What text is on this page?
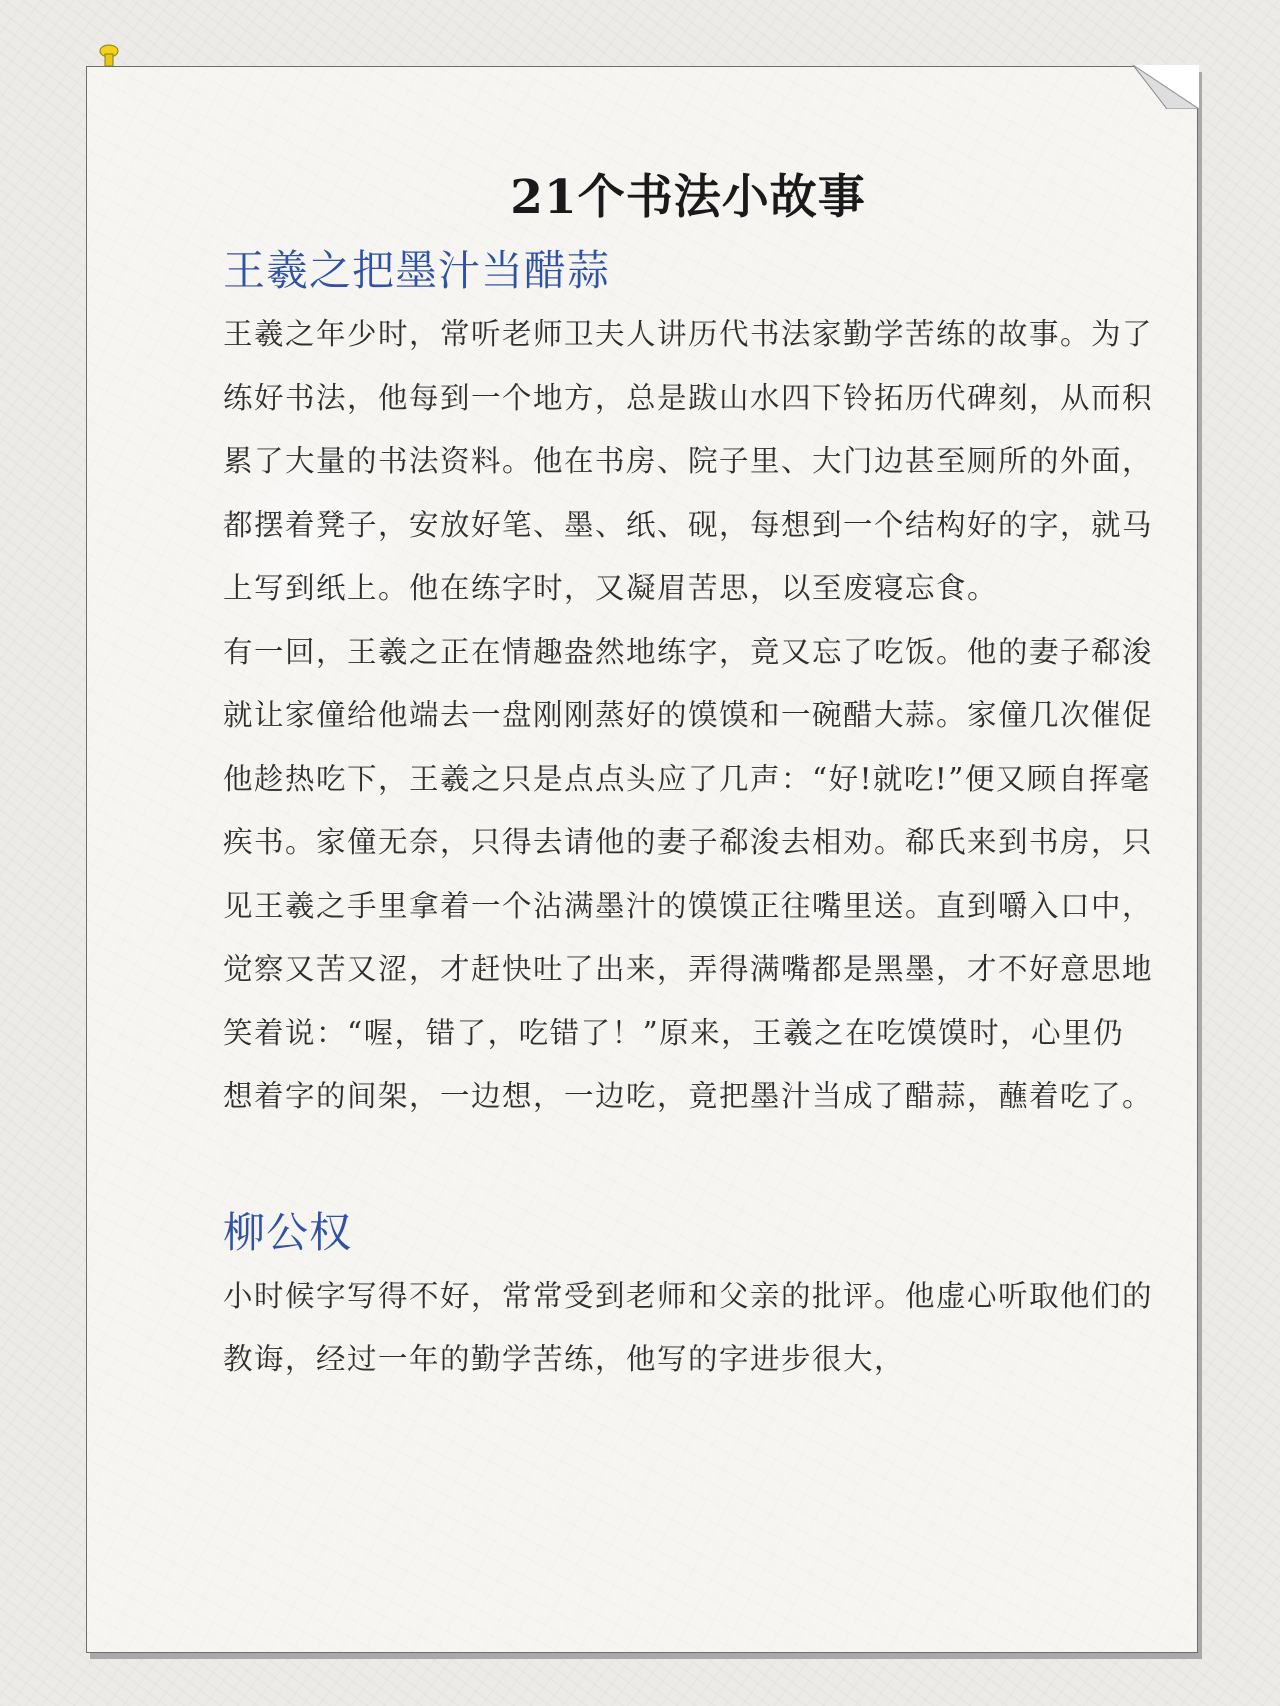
21个书法小故事
王羲之把墨汁当醋蒜

王羲之年少时，常听老师卫夫人讲历代书法家勤学苦练的故事。为了练好书法，他每到一个地方，总是跋山水四下铃拓历代碑刻，从而积累了大量的书法资料。他在书房、院子里、大门边甚至厕所的外面，都摆着凳子，安放好笔、墨、纸、砚，每想到一个结构好的字，就马上写到纸上。他在练字时，又凝眉苦思，以至废寝忘食。

有一回，王羲之正在情趣盎然地练字，竟又忘了吃饭。他的妻子郗浚就让家僮给他端去一盘刚刚蒸好的馍馍和一碗醋大蒜。家僮几次催促他趁热吃下，王羲之只是点点头应了几声：“好!就吃!”便又顾自挥毫疾书。家僮无奈，只得去请他的妻子郗浚去相劝。郗氏来到书房，只见王羲之手里拿着一个沾满墨汁的馍馍正往嘴里送。直到嚼入口中，觉察又苦又涩，才赶快吐了出来，弄得满嘴都是黑墨，才不好意思地笑着说：“喔，错了，吃错了！”原来，王羲之在吃馍馍时，心里仍想着字的间架，一边想，一边吃，竟把墨汁当成了醋蒜，蘸着吃了。

柳公权

小时候字写得不好，常常受到老师和父亲的批评。他虚心听取他们的教诲，经过一年的勤学苦练，他写的字进步很大，
